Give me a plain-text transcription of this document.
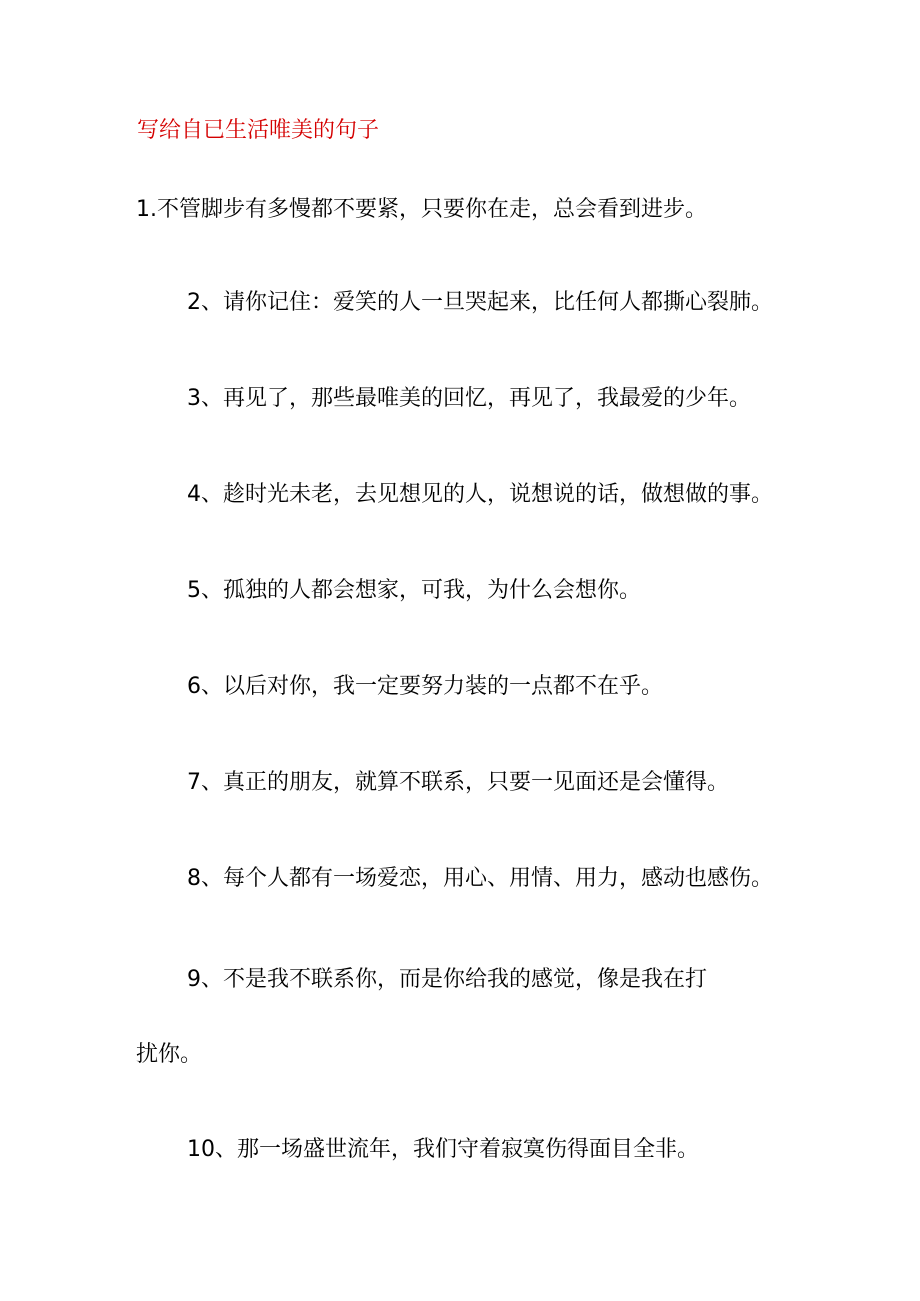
写给自已生活唯美的句子
1.不管脚步有多慢都不要紧，只要你在走，总会看到进步。
2、请你记住：爱笑的人一旦哭起来，比任何人都撕心裂肺。
3、再见了，那些最唯美的回忆，再见了，我最爱的少年。
4、趁时光未老，去见想见的人，说想说的话，做想做的事。
5、孤独的人都会想家，可我，为什么会想你。
6、以后对你，我一定要努力装的一点都不在乎。
7、真正的朋友，就算不联系，只要一见面还是会懂得。
8、每个人都有一场爱恋，用心、用情、用力，感动也感伤。
9、不是我不联系你，而是你给我的感觉，像是我在打
扰你。
10、那一场盛世流年，我们守着寂寞伤得面目全非。
